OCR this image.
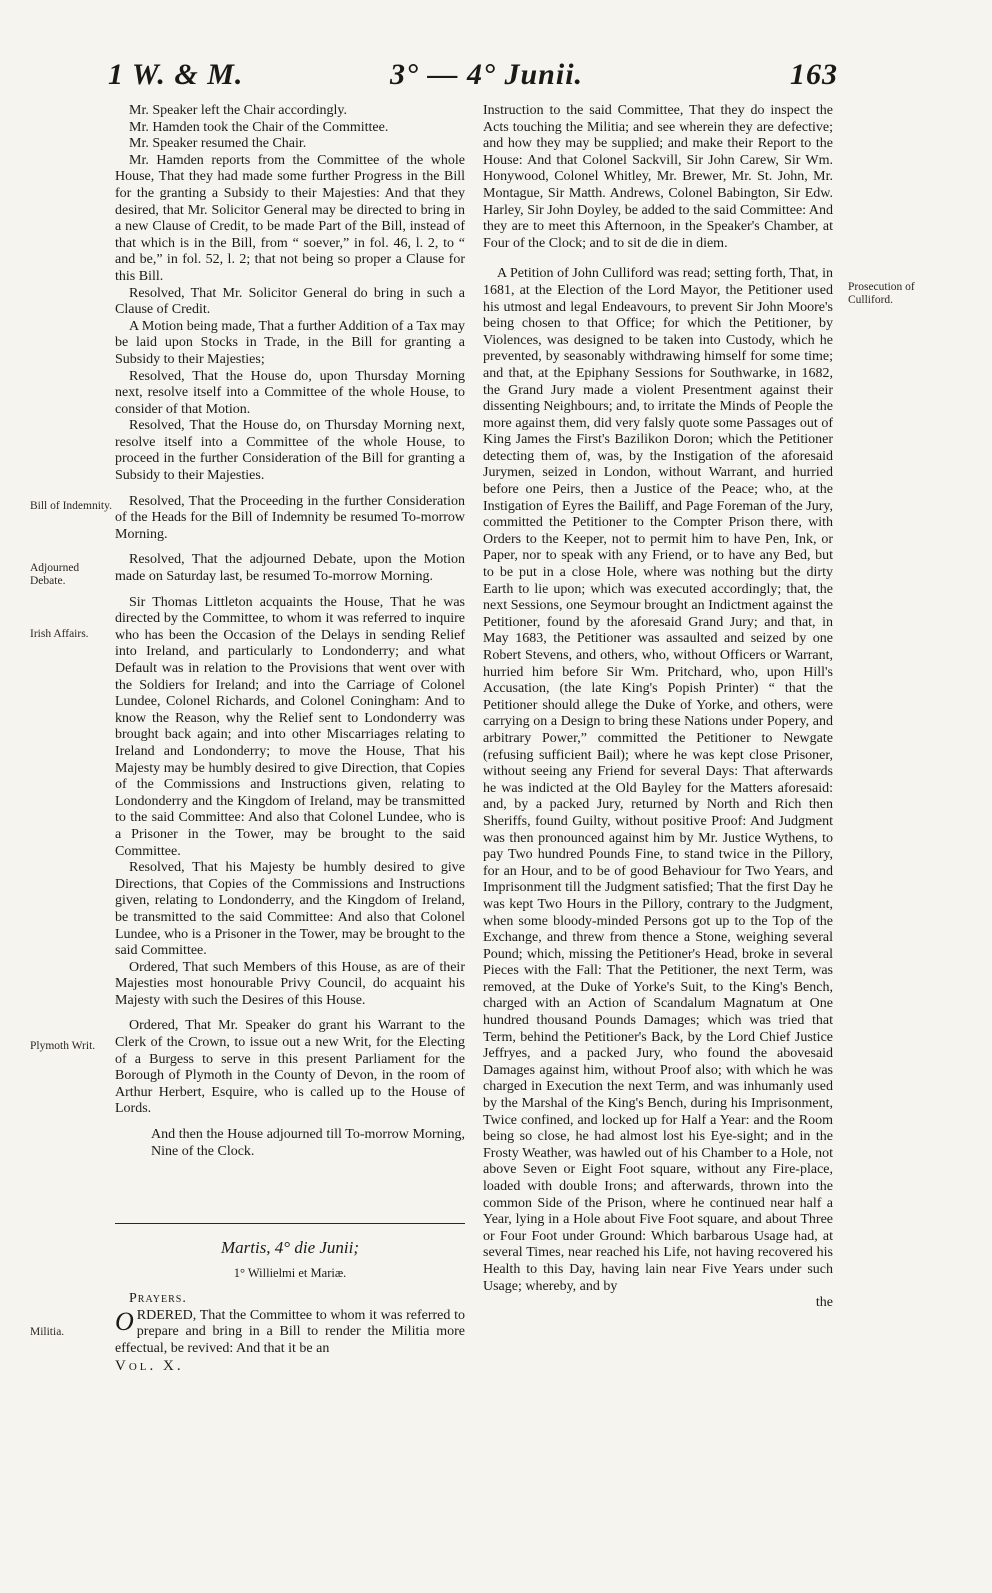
1 W. & M.	3° — 4° Junii.	163
Bill of Indemnity.
Adjourned Debate.
Irish Affairs.
Plymoth Writ.
Militia.
Prosecution of Culliford.

Mr. Speaker left the Chair accordingly.

Mr. Hamden took the Chair of the Committee.

Mr. Speaker resumed the Chair.

Mr. Hamden reports from the Committee of the whole House, That they had made some further Progress in the Bill for the granting a Subsidy to their Majesties: And that they desired, that Mr. Solicitor General may be directed to bring in a new Clause of Credit, to be made Part of the Bill, instead of that which is in the Bill, from “ soever,” in fol. 46, l. 2, to “ and be,” in fol. 52, l. 2; that not being so proper a Clause for this Bill.

Resolved, That Mr. Solicitor General do bring in such a Clause of Credit.

A Motion being made, That a further Addition of a Tax may be laid upon Stocks in Trade, in the Bill for granting a Subsidy to their Majesties;

Resolved, That the House do, upon Thursday Morning next, resolve itself into a Committee of the whole House, to consider of that Motion.

Resolved, That the House do, on Thursday Morning next, resolve itself into a Committee of the whole House, to proceed in the further Consideration of the Bill for granting a Subsidy to their Majesties.

Resolved, That the Proceeding in the further Consideration of the Heads for the Bill of Indemnity be resumed To-morrow Morning.

Resolved, That the adjourned Debate, upon the Motion made on Saturday last, be resumed To-morrow Morning.

Sir Thomas Littleton acquaints the House, That he was directed by the Committee, to whom it was referred to inquire who has been the Occasion of the Delays in sending Relief into Ireland, and particularly to Londonderry; and what Default was in relation to the Provisions that went over with the Soldiers for Ireland; and into the Carriage of Colonel Lundee, Colonel Richards, and Colonel Coningham: And to know the Reason, why the Relief sent to Londonderry was brought back again; and into other Miscarriages relating to Ireland and Londonderry; to move the House, That his Majesty may be humbly desired to give Direction, that Copies of the Commissions and Instructions given, relating to Londonderry and the Kingdom of Ireland, may be transmitted to the said Committee: And also that Colonel Lundee, who is a Prisoner in the Tower, may be brought to the said Committee.

Resolved, That his Majesty be humbly desired to give Directions, that Copies of the Commissions and Instructions given, relating to Londonderry, and the Kingdom of Ireland, be transmitted to the said Committee: And also that Colonel Lundee, who is a Prisoner in the Tower, may be brought to the said Committee.

Ordered, That such Members of this House, as are of their Majesties most honourable Privy Council, do acquaint his Majesty with such the Desires of this House.

Ordered, That Mr. Speaker do grant his Warrant to the Clerk of the Crown, to issue out a new Writ, for the Electing of a Burgess to serve in this present Parliament for the Borough of Plymoth in the County of Devon, in the room of Arthur Herbert, Esquire, who is called up to the House of Lords.

And then the House adjourned till To-morrow Morning, Nine of the Clock.

Martis, 4° die Junii;

1° Willielmi et Mariæ.

Prayers.

ORDERED, That the Committee to whom it was referred to prepare and bring in a Bill to render the Militia more effectual, be revived: And that it be an

Vol. X.

Instruction to the said Committee, That they do inspect the Acts touching the Militia; and see wherein they are defective; and how they may be supplied; and make their Report to the House: And that Colonel Sackvill, Sir John Carew, Sir Wm. Honywood, Colonel Whitley, Mr. Brewer, Mr. St. John, Mr. Montague, Sir Matth. Andrews, Colonel Babington, Sir Edw. Harley, Sir John Doyley, be added to the said Committee: And they are to meet this Afternoon, in the Speaker's Chamber, at Four of the Clock; and to sit de die in diem.

A Petition of John Culliford was read; setting forth, That, in 1681, at the Election of the Lord Mayor, the Petitioner used his utmost and legal Endeavours, to prevent Sir John Moore's being chosen to that Office; for which the Petitioner, by Violences, was designed to be taken into Custody, which he prevented, by seasonably withdrawing himself for some time; and that, at the Epiphany Sessions for Southwarke, in 1682, the Grand Jury made a violent Presentment against their dissenting Neighbours; and, to irritate the Minds of People the more against them, did very falsly quote some Passages out of King James the First's Bazilikon Doron; which the Petitioner detecting them of, was, by the Instigation of the aforesaid Jurymen, seized in London, without Warrant, and hurried before one Peirs, then a Justice of the Peace; who, at the Instigation of Eyres the Bailiff, and Page Foreman of the Jury, committed the Petitioner to the Compter Prison there, with Orders to the Keeper, not to permit him to have Pen, Ink, or Paper, nor to speak with any Friend, or to have any Bed, but to be put in a close Hole, where was nothing but the dirty Earth to lie upon; which was executed accordingly; that, the next Sessions, one Seymour brought an Indictment against the Petitioner, found by the aforesaid Grand Jury; and that, in May 1683, the Petitioner was assaulted and seized by one Robert Stevens, and others, who, without Officers or Warrant, hurried him before Sir Wm. Pritchard, who, upon Hill's Accusation, (the late King's Popish Printer) “ that the Petitioner should allege the Duke of Yorke, and others, were carrying on a Design to bring these Nations under Popery, and arbitrary Power,” committed the Petitioner to Newgate (refusing sufficient Bail); where he was kept close Prisoner, without seeing any Friend for several Days: That afterwards he was indicted at the Old Bayley for the Matters aforesaid: and, by a packed Jury, returned by North and Rich then Sheriffs, found Guilty, without positive Proof: And Judgment was then pronounced against him by Mr. Justice Wythens, to pay Two hundred Pounds Fine, to stand twice in the Pillory, for an Hour, and to be of good Behaviour for Two Years, and Imprisonment till the Judgment satisfied; That the first Day he was kept Two Hours in the Pillory, contrary to the Judgment, when some bloody-minded Persons got up to the Top of the Exchange, and threw from thence a Stone, weighing several Pound; which, missing the Petitioner's Head, broke in several Pieces with the Fall: That the Petitioner, the next Term, was removed, at the Duke of Yorke's Suit, to the King's Bench, charged with an Action of Scandalum Magnatum at One hundred thousand Pounds Damages; which was tried that Term, behind the Petitioner's Back, by the Lord Chief Justice Jeffryes, and a packed Jury, who found the abovesaid Damages against him, without Proof also; with which he was charged in Execution the next Term, and was inhumanly used by the Marshal of the King's Bench, during his Imprisonment, Twice confined, and locked up for Half a Year: and the Room being so close, he had almost lost his Eye-sight; and in the Frosty Weather, was hawled out of his Chamber to a Hole, not above Seven or Eight Foot square, without any Fire-place, loaded with double Irons; and afterwards, thrown into the common Side of the Prison, where he continued near half a Year, lying in a Hole about Five Foot square, and about Three or Four Foot under Ground: Which barbarous Usage had, at several Times, near reached his Life, not having recovered his Health to this Day, having lain near Five Years under such Usage; whereby, and by

the
